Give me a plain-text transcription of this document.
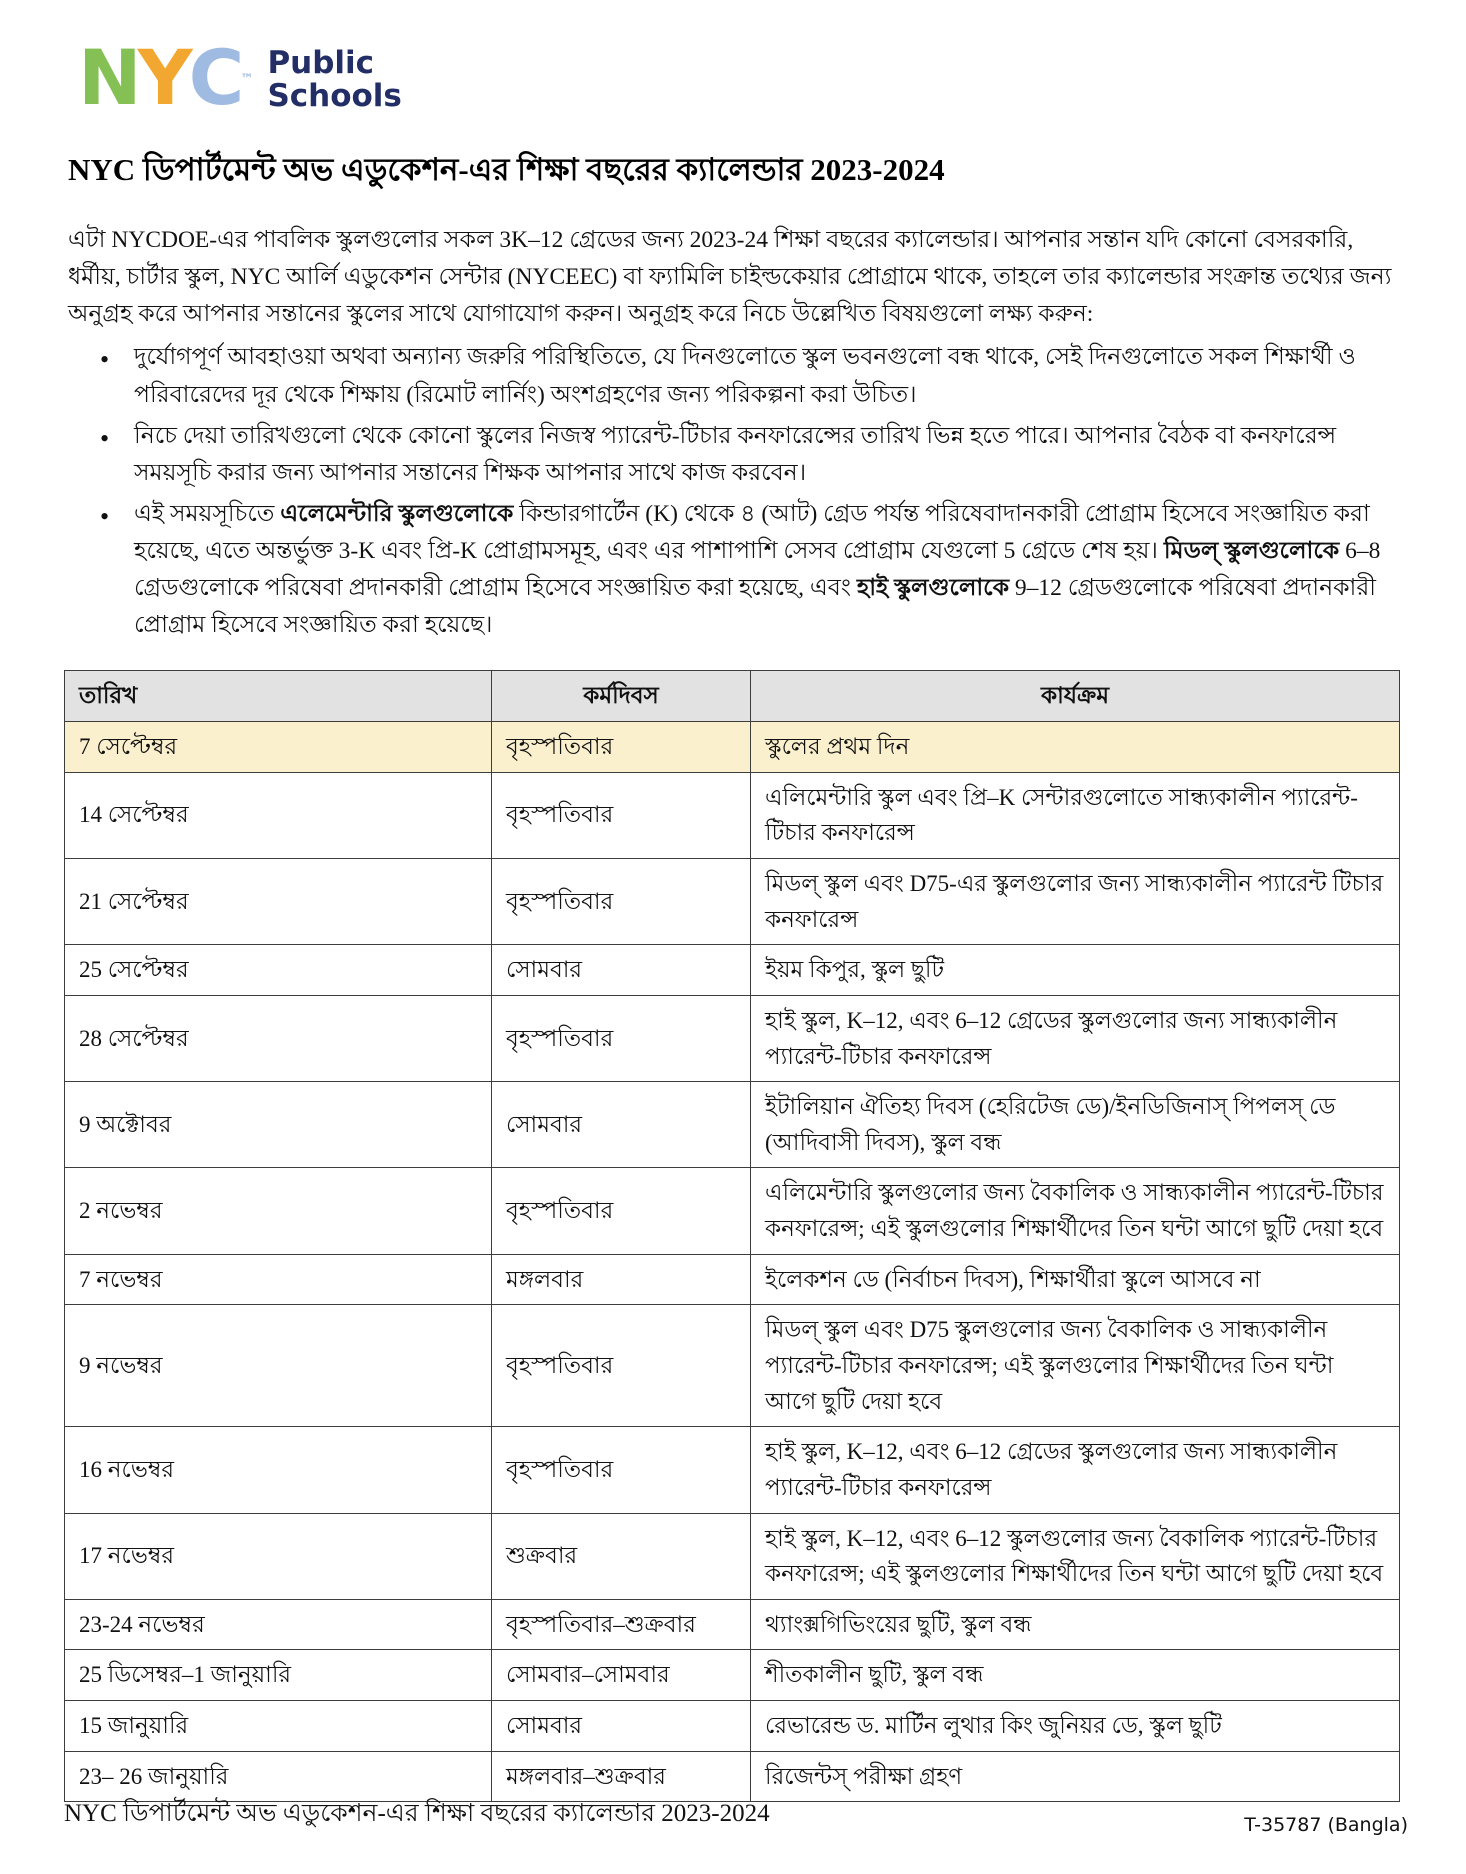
N Y C ™ Public
Schools
NYC ডিপার্টমেন্ট অভ এডুকেশন-এর শিক্ষা বছরের ক্যালেন্ডার 2023-2024

এটা NYCDOE-এর পাবলিক স্কুলগুলোর সকল 3K–12 গ্রেডের জন্য 2023-24 শিক্ষা বছরের ক্যালেন্ডার। আপনার সন্তান যদি কোনো বেসরকারি, ধর্মীয়, চার্টার স্কুল, NYC আর্লি এডুকেশন সেন্টার (NYCEEC) বা ফ্যামিলি চাইল্ডকেয়ার প্রোগ্রামে থাকে, তাহলে তার ক্যালেন্ডার সংক্রান্ত তথ্যের জন্য অনুগ্রহ করে আপনার সন্তানের স্কুলের সাথে যোগাযোগ করুন। অনুগ্রহ করে নিচে উল্লেখিত বিষয়গুলো লক্ষ্য করুন:

• দুর্যোগপূর্ণ আবহাওয়া অথবা অন্যান্য জরুরি পরিস্থিতিতে, যে দিনগুলোতে স্কুল ভবনগুলো বন্ধ থাকে, সেই দিনগুলোতে সকল শিক্ষার্থী ও পরিবারেদের দূর থেকে শিক্ষায় (রিমোট লার্নিং) অংশগ্রহণের জন্য পরিকল্পনা করা উচিত।
• নিচে দেয়া তারিখগুলো থেকে কোনো স্কুলের নিজস্ব প্যারেন্ট-টিচার কনফারেন্সের তারিখ ভিন্ন হতে পারে। আপনার বৈঠক বা কনফারেন্স সময়সূচি করার জন্য আপনার সন্তানের শিক্ষক আপনার সাথে কাজ করবেন।
• এই সময়সূচিতে এলেমেন্টারি স্কুলগুলোকে কিন্ডারগার্টেন (K) থেকে ৪ (আট) গ্রেড পর্যন্ত পরিষেবাদানকারী প্রোগ্রাম হিসেবে সংজ্ঞায়িত করা হয়েছে, এতে অন্তর্ভুক্ত 3-K এবং প্রি-K প্রোগ্রামসমূহ, এবং এর পাশাপাশি সেসব প্রোগ্রাম যেগুলো 5 গ্রেডে শেষ হয়। মিডল্ স্কুলগুলোকে 6–8 গ্রেডগুলোকে পরিষেবা প্রদানকারী প্রোগ্রাম হিসেবে সংজ্ঞায়িত করা হয়েছে, এবং হাই স্কুলগুলোকে 9–12 গ্রেডগুলোকে পরিষেবা প্রদানকারী প্রোগ্রাম হিসেবে সংজ্ঞায়িত করা হয়েছে।
তারিখ	কর্মদিবস	কার্যক্রম
7 সেপ্টেম্বর	বৃহস্পতিবার	স্কুলের প্রথম দিন
14 সেপ্টেম্বর	বৃহস্পতিবার	এলিমেন্টারি স্কুল এবং প্রি–K সেন্টারগুলোতে সান্ধ্যকালীন প্যারেন্ট-টিচার কনফারেন্স
21 সেপ্টেম্বর	বৃহস্পতিবার	মিডল্ স্কুল এবং D75-এর স্কুলগুলোর জন্য সান্ধ্যকালীন প্যারেন্ট টিচার কনফারেন্স
25 সেপ্টেম্বর	সোমবার	ইয়ম কিপুর, স্কুল ছুটি
28 সেপ্টেম্বর	বৃহস্পতিবার	হাই স্কুল, K–12, এবং 6–12 গ্রেডের স্কুলগুলোর জন্য সান্ধ্যকালীন প্যারেন্ট-টিচার কনফারেন্স
9 অক্টোবর	সোমবার	ইটালিয়ান ঐতিহ্য দিবস (হেরিটেজ ডে)/ইনডিজিনাস্ পিপলস্ ডে (আদিবাসী দিবস), স্কুল বন্ধ
2 নভেম্বর	বৃহস্পতিবার	এলিমেন্টারি স্কুলগুলোর জন্য বৈকালিক ও সান্ধ্যকালীন প্যারেন্ট-টিচার কনফারেন্স; এই স্কুলগুলোর শিক্ষার্থীদের তিন ঘন্টা আগে ছুটি দেয়া হবে
7 নভেম্বর	মঙ্গলবার	ইলেকশন ডে (নির্বাচন দিবস), শিক্ষার্থীরা স্কুলে আসবে না
9 নভেম্বর	বৃহস্পতিবার	মিডল্ স্কুল এবং D75 স্কুলগুলোর জন্য বৈকালিক ও সান্ধ্যকালীন প্যারেন্ট-টিচার কনফারেন্স; এই স্কুলগুলোর শিক্ষার্থীদের তিন ঘন্টা আগে ছুটি দেয়া হবে
16 নভেম্বর	বৃহস্পতিবার	হাই স্কুল, K–12, এবং 6–12 গ্রেডের স্কুলগুলোর জন্য সান্ধ্যকালীন প্যারেন্ট-টিচার কনফারেন্স
17 নভেম্বর	শুক্রবার	হাই স্কুল, K–12, এবং 6–12 স্কুলগুলোর জন্য বৈকালিক প্যারেন্ট-টিচার কনফারেন্স; এই স্কুলগুলোর শিক্ষার্থীদের তিন ঘন্টা আগে ছুটি দেয়া হবে
23-24 নভেম্বর	বৃহস্পতিবার–শুক্রবার	থ্যাংক্সগিভিংয়ের ছুটি, স্কুল বন্ধ
25 ডিসেম্বর–1 জানুয়ারি	সোমবার–সোমবার	শীতকালীন ছুটি, স্কুল বন্ধ
15 জানুয়ারি	সোমবার	রেভারেন্ড ড. মার্টিন লুথার কিং জুনিয়র ডে, স্কুল ছুটি
23– 26 জানুয়ারি	মঙ্গলবার–শুক্রবার	রিজেন্টস্ পরীক্ষা গ্রহণ
NYC ডিপার্টমেন্ট অভ এডুকেশন-এর শিক্ষা বছরের ক্যালেন্ডার 2023-2024	T-35787 (Bangla)
